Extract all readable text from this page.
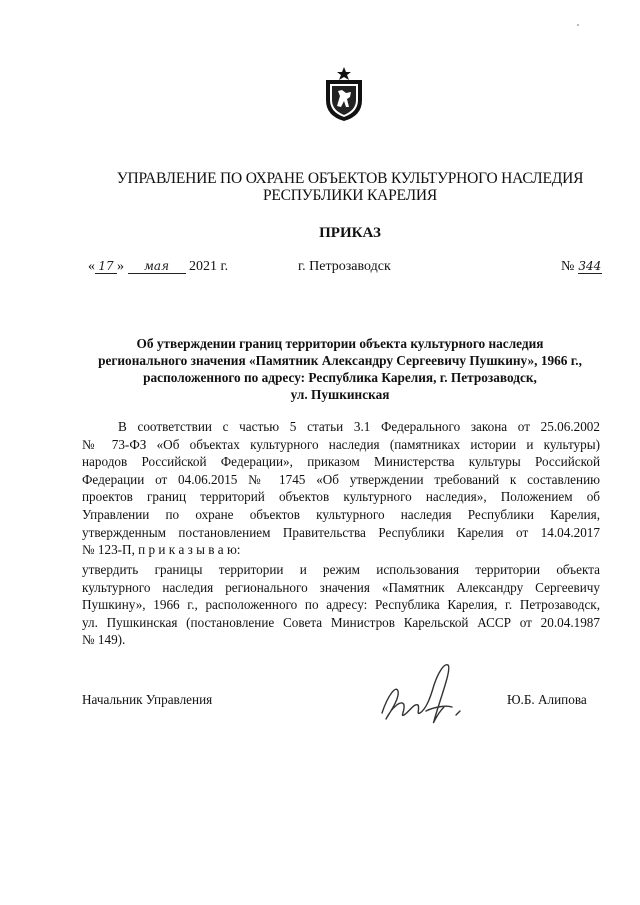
УПРАВЛЕНИЕ ПО ОХРАНЕ ОБЪЕКТОВ КУЛЬТУРНОГО НАСЛЕДИЯ
РЕСПУБЛИКИ КАРЕЛИЯ
ПРИКАЗ
« 17 » мая 2021 г.	г. Петрозаводск	№ 344
Об утверждении границ территории объекта культурного наследия
регионального значения «Памятник Александру Сергеевичу Пушкину», 1966 г.,
расположенного по адресу: Республика Карелия, г. Петрозаводск,
ул. Пушкинская
В соответствии с частью 5 статьи 3.1 Федерального закона от 25.06.2002
№ 73-ФЗ «Об объектах культурного наследия (памятниках истории и культуры)
народов Российской Федерации», приказом Министерства культуры Российской
Федерации от 04.06.2015 № 1745 «Об утверждении требований к составлению
проектов границ территорий объектов культурного наследия», Положением об
Управлении по охране объектов культурного наследия Республики Карелия,
утвержденным постановлением Правительства Республики Карелия от 14.04.2017
№ 123-П, п р и к а з ы в а ю:
утвердить границы территории и режим использования территории объекта
культурного наследия регионального значения «Памятник Александру Сергеевичу
Пушкину», 1966 г., расположенного по адресу: Республика Карелия, г. Петрозаводск,
ул. Пушкинская (постановление Совета Министров Карельской АССР от 20.04.1987
№ 149).
Начальник Управления	Ю.Б. Алипова
